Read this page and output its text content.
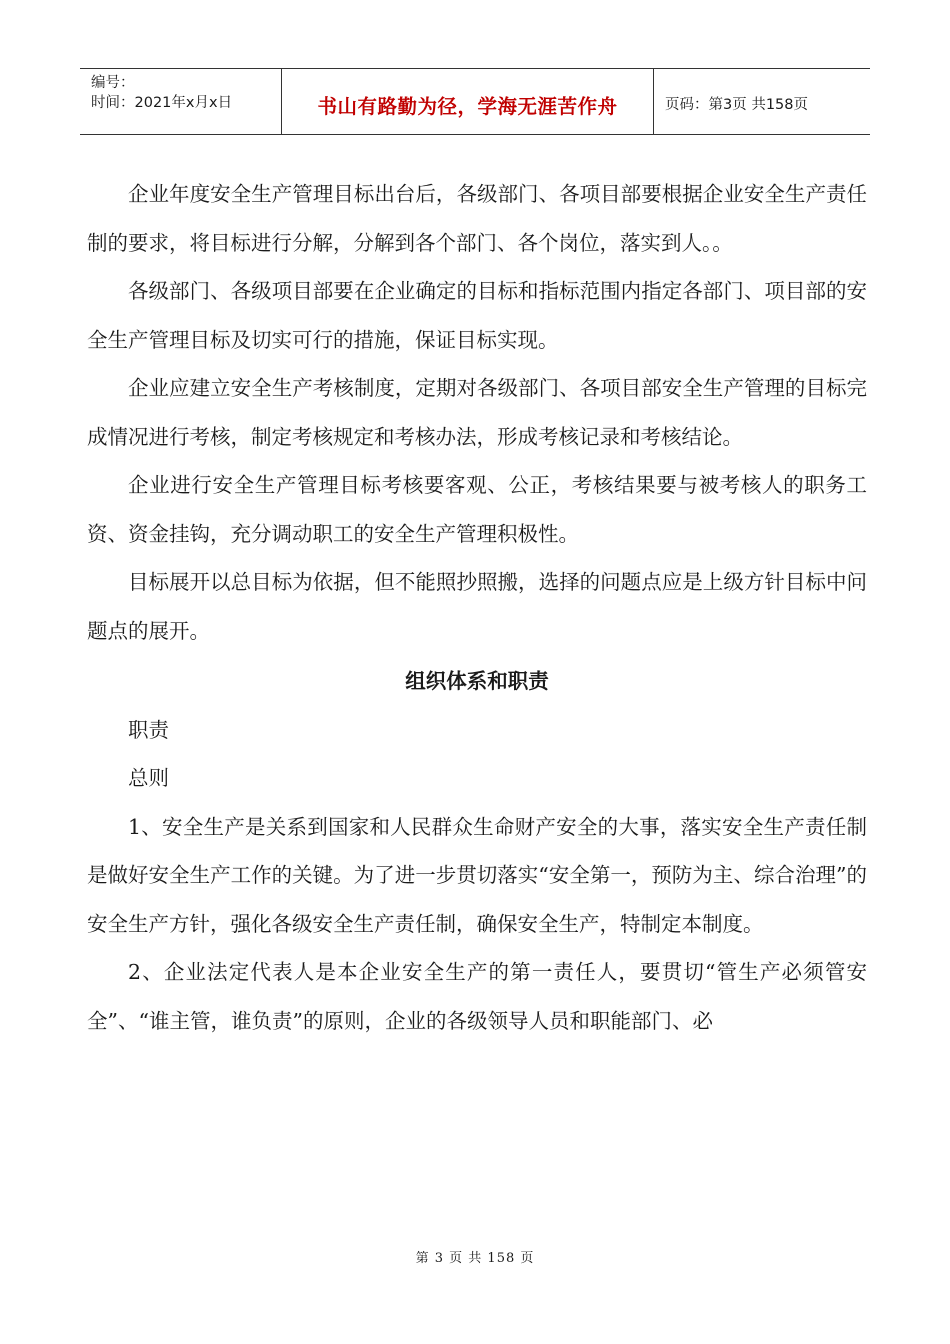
编号：
时间：2021年x月x日	书山有路勤为径，学海无涯苦作舟	页码：第3页 共158页

企业年度安全生产管理目标出台后，各级部门、各项目部要根据企业安全生产责任制的要求，将目标进行分解，分解到各个部门、各个岗位，落实到人。。

各级部门、各级项目部要在企业确定的目标和指标范围内指定各部门、项目部的安全生产管理目标及切实可行的措施，保证目标实现。

企业应建立安全生产考核制度，定期对各级部门、各项目部安全生产管理的目标完成情况进行考核，制定考核规定和考核办法，形成考核记录和考核结论。

企业进行安全生产管理目标考核要客观、公正，考核结果要与被考核人的职务工资、资金挂钩，充分调动职工的安全生产管理积极性。

目标展开以总目标为依据，但不能照抄照搬，选择的问题点应是上级方针目标中问题点的展开。

组织体系和职责

职责

总则

1、安全生产是关系到国家和人民群众生命财产安全的大事，落实安全生产责任制是做好安全生产工作的关键。为了进一步贯切落实“安全第一，预防为主、综合治理”的安全生产方针，强化各级安全生产责任制，确保安全生产，特制定本制度。

2、企业法定代表人是本企业安全生产的第一责任人，要贯切“管生产必须管安全”、“谁主管，谁负责”的原则，企业的各级领导人员和职能部门、必

第 3 页 共 158 页
